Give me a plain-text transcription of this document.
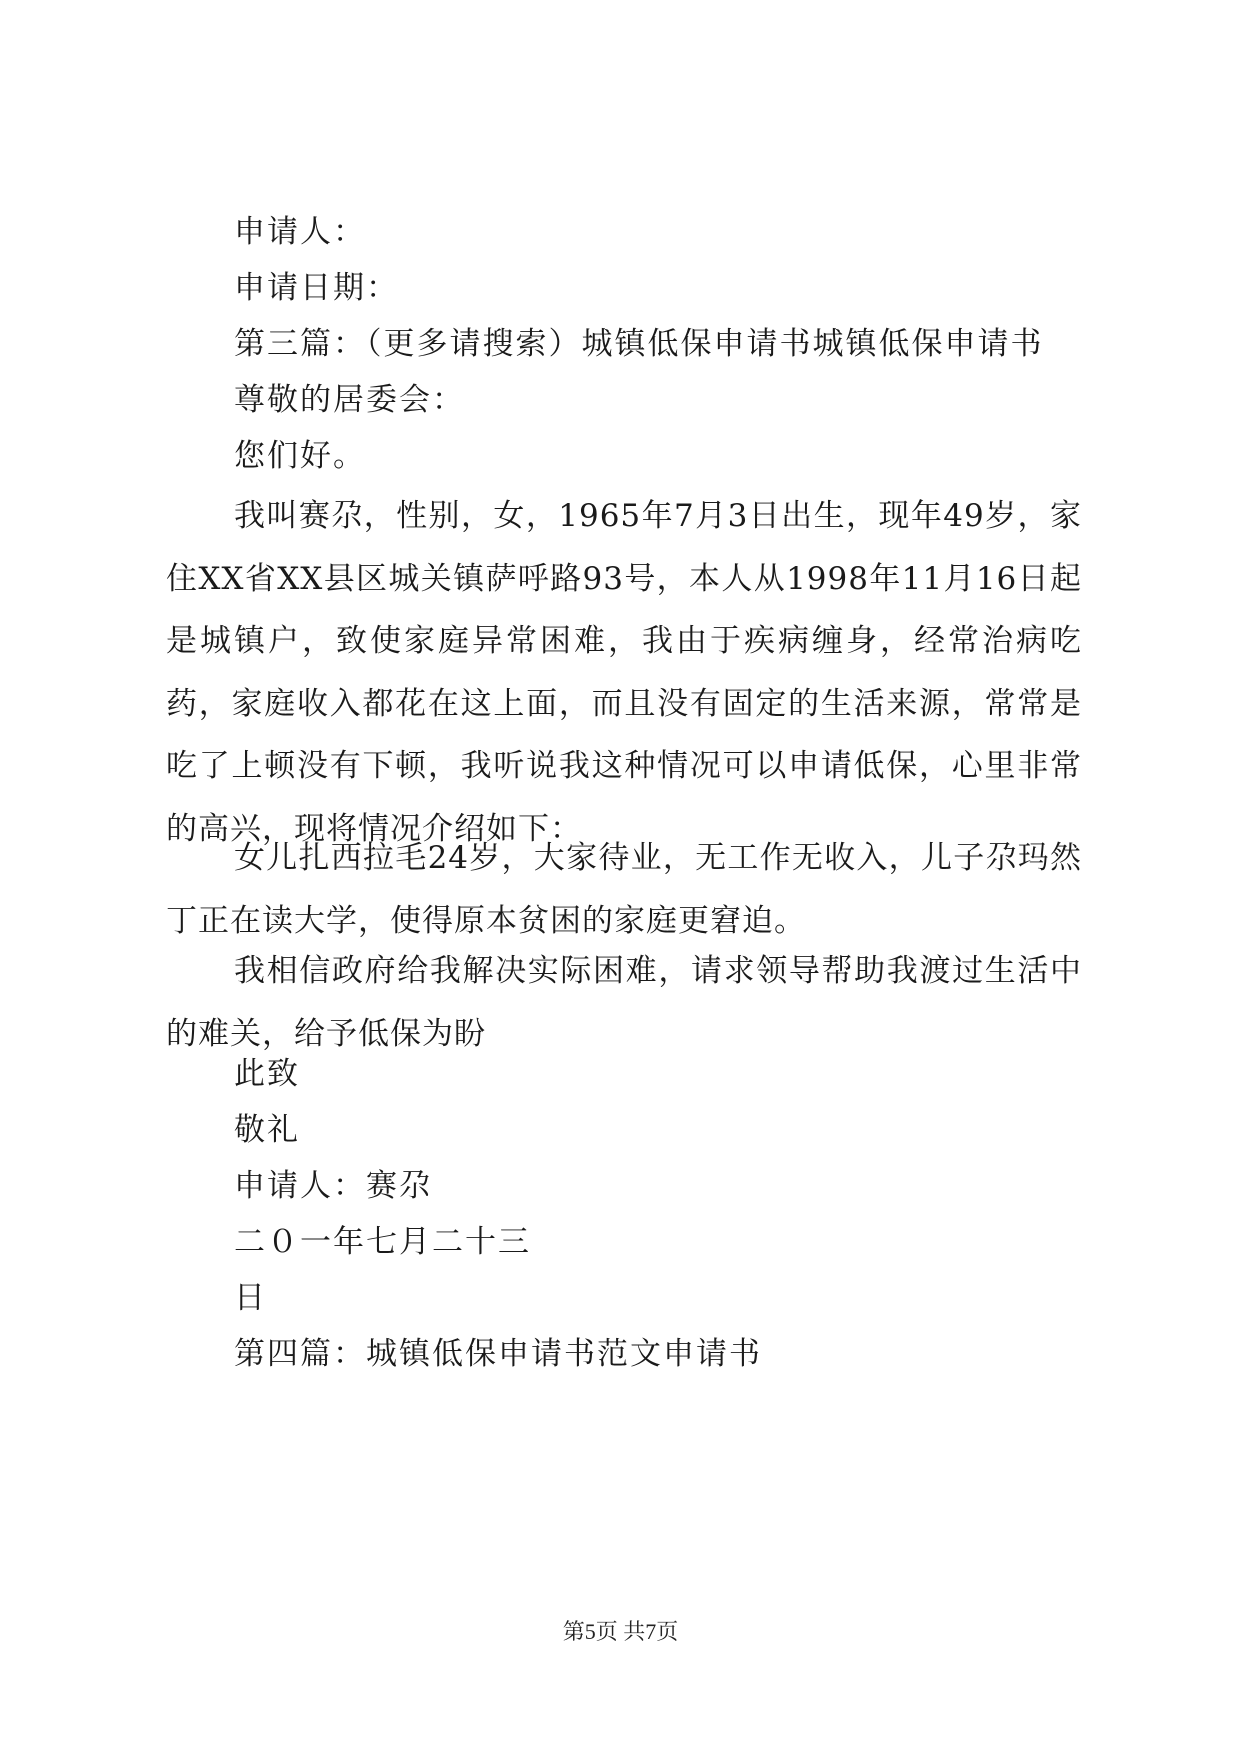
申请人：
申请日期：
第三篇：（更多请搜索）城镇低保申请书城镇低保申请书
尊敬的居委会：
您们好。
我叫赛尕，性别，女，1965年7月3日出生，现年49岁，家住XX省XX县区城关镇萨呼路93号，本人从1998年11月16日起是城镇户，致使家庭异常困难，我由于疾病缠身，经常治病吃药，家庭收入都花在这上面，而且没有固定的生活来源，常常是吃了上顿没有下顿，我听说我这种情况可以申请低保，心里非常的高兴，现将情况介绍如下：
女儿扎西拉毛24岁，大家待业，无工作无收入，儿子尕玛然丁正在读大学，使得原本贫困的家庭更窘迫。
我相信政府给我解决实际困难，请求领导帮助我渡过生活中的难关，给予低保为盼
此致
敬礼
申请人：赛尕
二０一年七月二十三
日
第四篇：城镇低保申请书范文申请书
第5页 共7页
